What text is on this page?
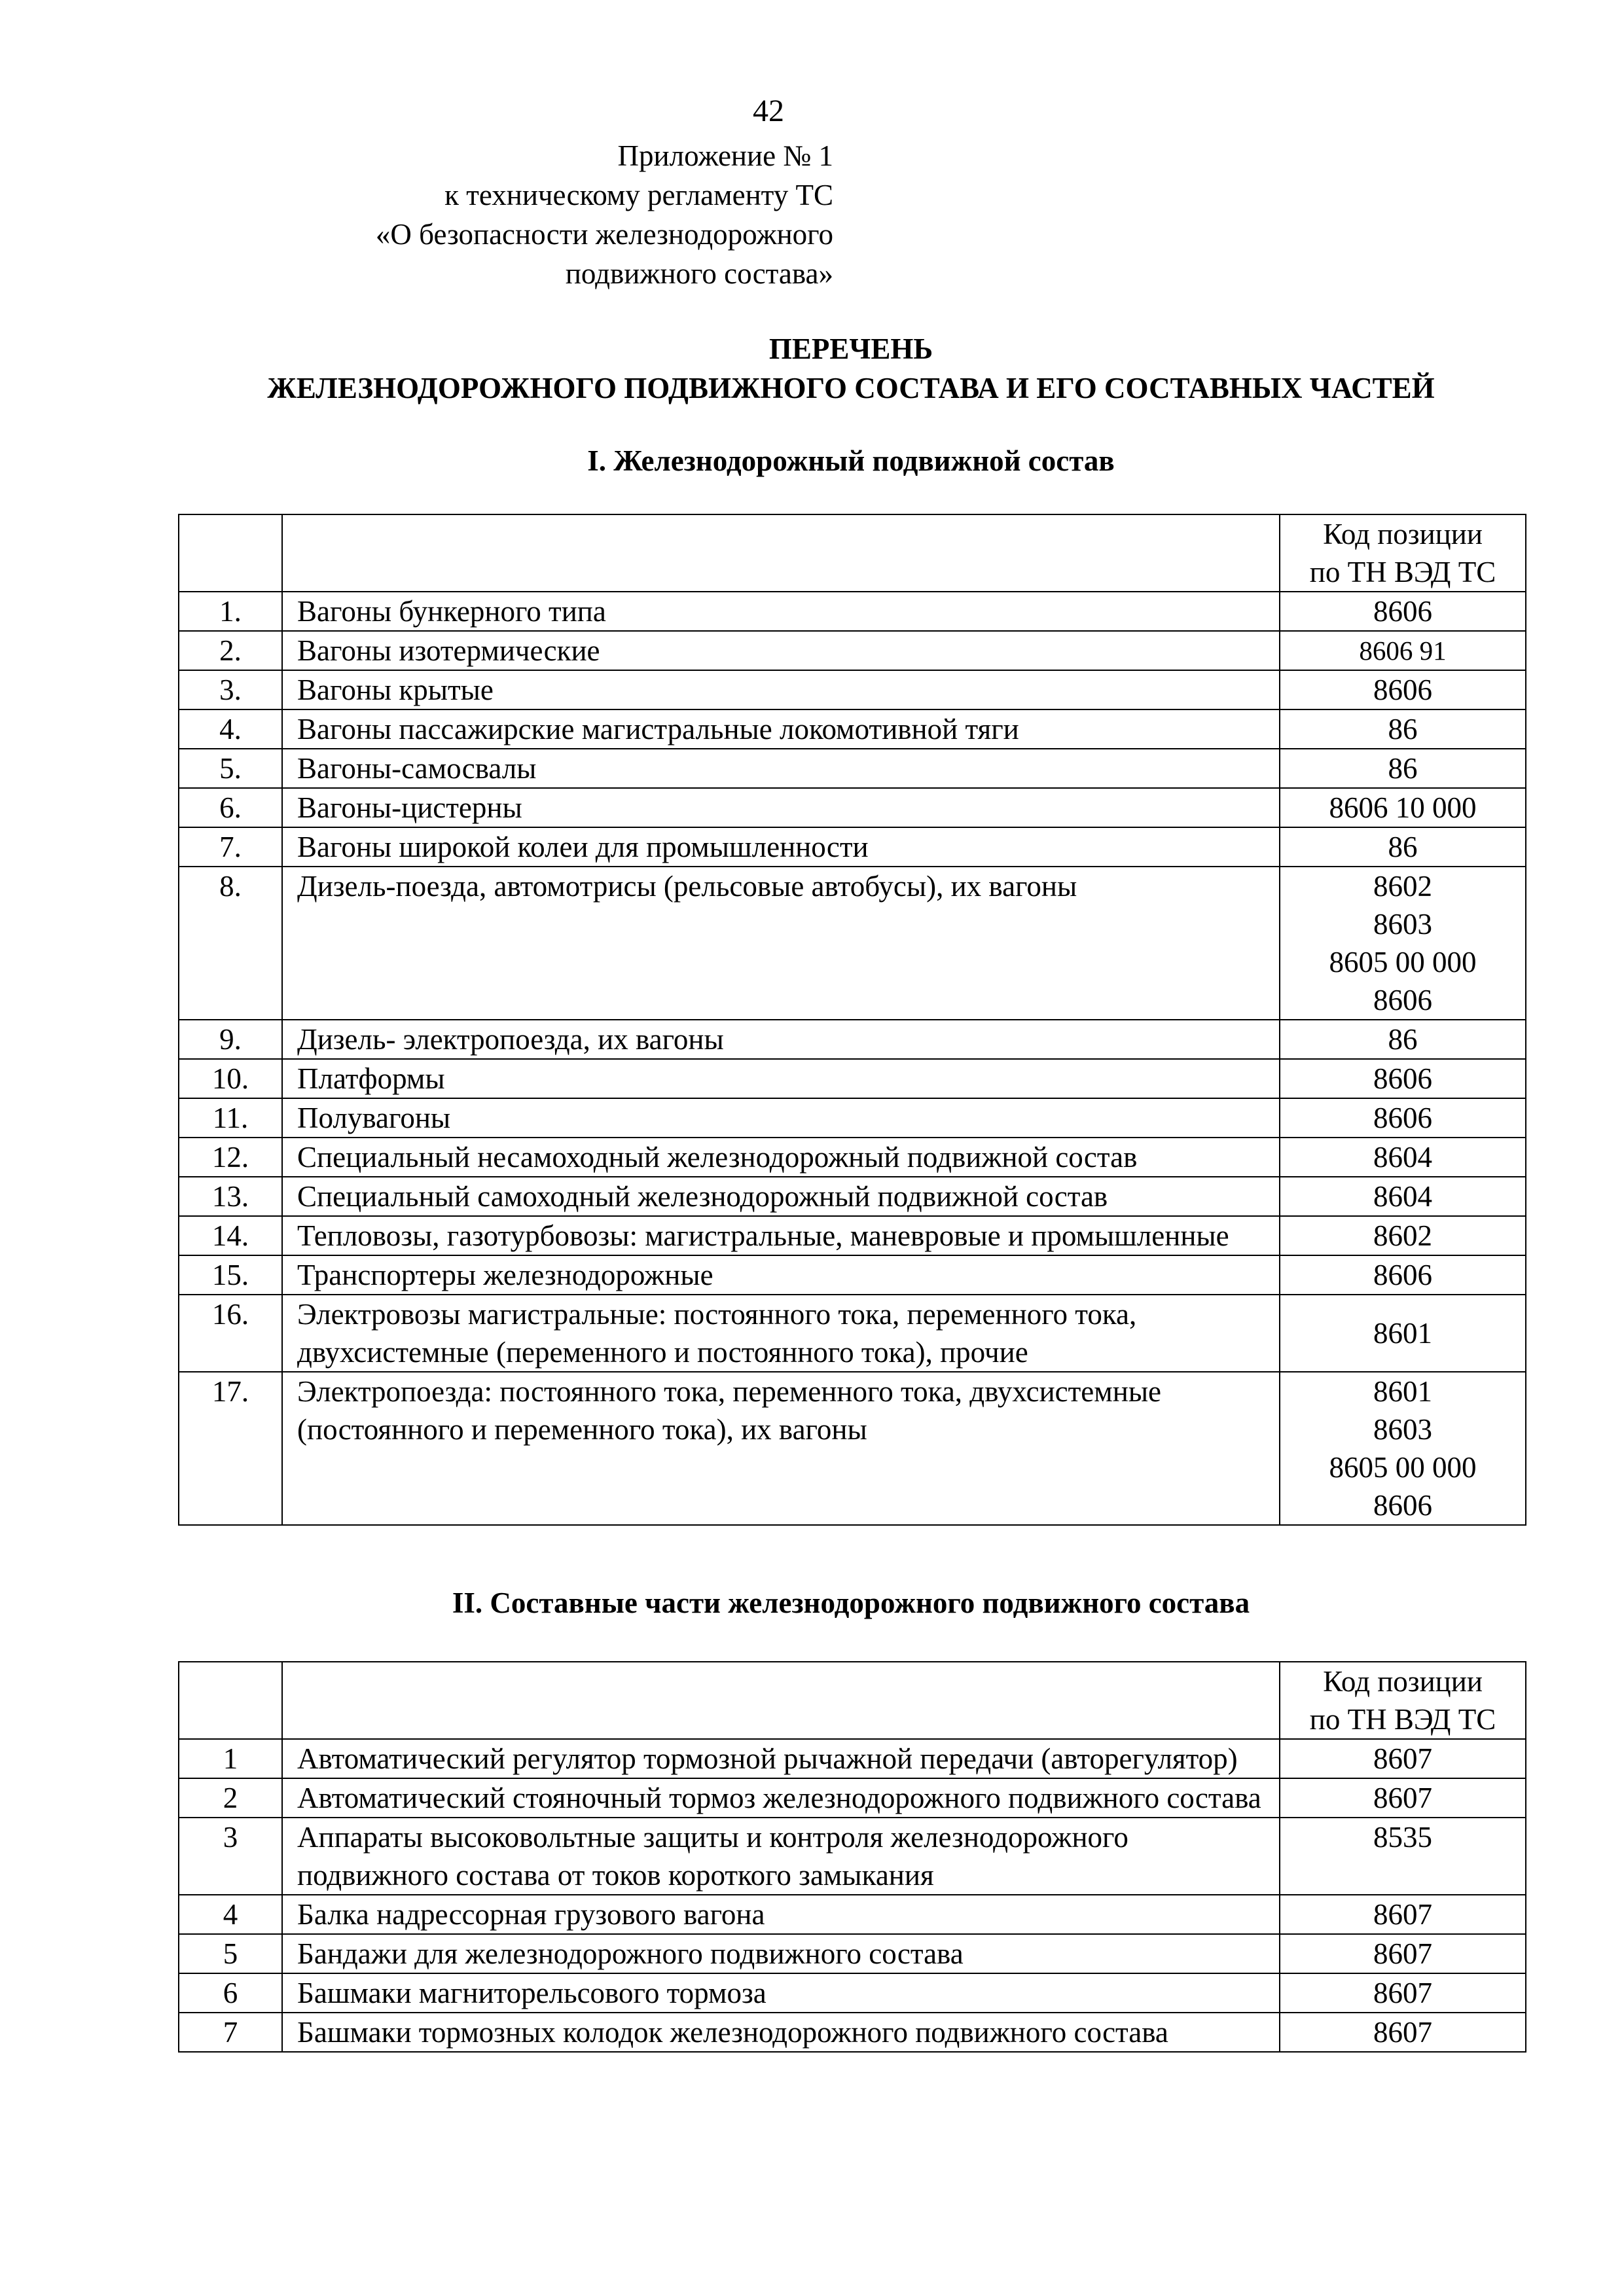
42
Приложение № 1
к техническому регламенту ТС
«О безопасности железнодорожного
подвижного состава»
ПЕРЕЧЕНЬ
ЖЕЛЕЗНОДОРОЖНОГО ПОДВИЖНОГО СОСТАВА И ЕГО СОСТАВНЫХ ЧАСТЕЙ
I. Железнодорожный подвижной состав

		Код позиции
по ТН ВЭД ТС

1.	Вагоны бункерного типа	8606

2.	Вагоны изотермические	8606 91

3.	Вагоны крытые	8606

4.	Вагоны пассажирские магистральные локомотивной тяги	86

5.	Вагоны-самосвалы	86

6.	Вагоны-цистерны	8606 10 000

7.	Вагоны широкой колеи для промышленности	86

8.	Дизель-поезда, автомотрисы (рельсовые автобусы), их вагоны	8602
8603
8605 00 000
8606

9.	Дизель- электропоезда, их вагоны	86

10.	Платформы	8606

11.	Полувагоны	8606

12.	Специальный несамоходный железнодорожный подвижной состав	8604

13.	Специальный самоходный железнодорожный подвижной состав	8604

14.	Тепловозы, газотурбовозы: магистральные, маневровые и промышленные	8602

15.	Транспортеры железнодорожные	8606

16.	Электровозы магистральные: постоянного тока, переменного тока, двухсистемные (переменного и постоянного тока), прочие	8601

17.	Электропоезда: постоянного тока, переменного тока, двухсистемные (постоянного и переменного тока), их вагоны	8601
8603
8605 00 000
8606
II. Составные части железнодорожного подвижного состава

		Код позиции
по ТН ВЭД ТС

1	Автоматический регулятор тормозной рычажной передачи (авторегулятор)	8607

2	Автоматический стояночный тормоз железнодорожного подвижного состава	8607

3	Аппараты высоковольтные защиты и контроля железнодорожного подвижного состава от токов короткого замыкания	8535

4	Балка надрессорная грузового вагона	8607

5	Бандажи для железнодорожного подвижного состава	8607

6	Башмаки магниторельсового тормоза	8607

7	Башмаки тормозных колодок железнодорожного подвижного состава	8607
